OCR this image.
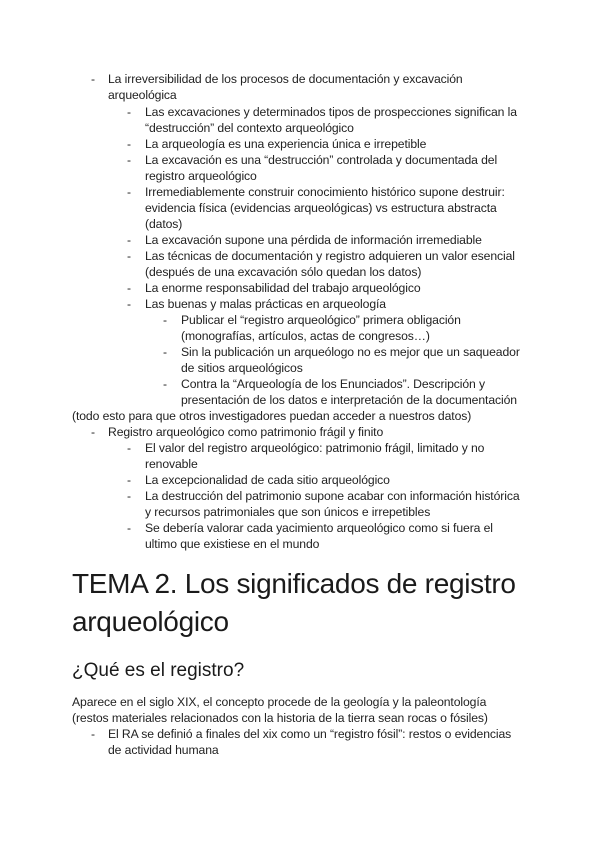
- La irreversibilidad de los procesos de documentación y excavación
arqueológica
- Las excavaciones y determinados tipos de prospecciones significan la
“destrucción” del contexto arqueológico
- La arqueología es una experiencia única e irrepetible
- La excavación es una “destrucción” controlada y documentada del
registro arqueológico
- Irremediablemente construir conocimiento histórico supone destruir:
evidencia física (evidencias arqueológicas) vs estructura abstracta
(datos)
- La excavación supone una pérdida de información irremediable
- Las técnicas de documentación y registro adquieren un valor esencial
(después de una excavación sólo quedan los datos)
- La enorme responsabilidad del trabajo arqueológico
- Las buenas y malas prácticas en arqueología
- Publicar el “registro arqueológico” primera obligación
(monografías, artículos, actas de congresos…)
- Sin la publicación un arqueólogo no es mejor que un saqueador
de sitios arqueológicos
- Contra la “Arqueología de los Enunciados”. Descripción y
presentación de los datos e interpretación de la documentación
(todo esto para que otros investigadores puedan acceder a nuestros datos)
- Registro arqueológico como patrimonio frágil y finito
- El valor del registro arqueológico: patrimonio frágil, limitado y no
renovable
- La excepcionalidad de cada sitio arqueológico
- La destrucción del patrimonio supone acabar con información histórica
y recursos patrimoniales que son únicos e irrepetibles
- Se debería valorar cada yacimiento arqueológico como si fuera el
ultimo que existiese en el mundo
TEMA 2. Los significados de registro
arqueológico
¿Qué es el registro?
Aparece en el siglo XIX, el concepto procede de la geología y la paleontología
(restos materiales relacionados con la historia de la tierra sean rocas o fósiles)
- El RA se definió a finales del xix como un “registro fósil”: restos o evidencias
de actividad humana
